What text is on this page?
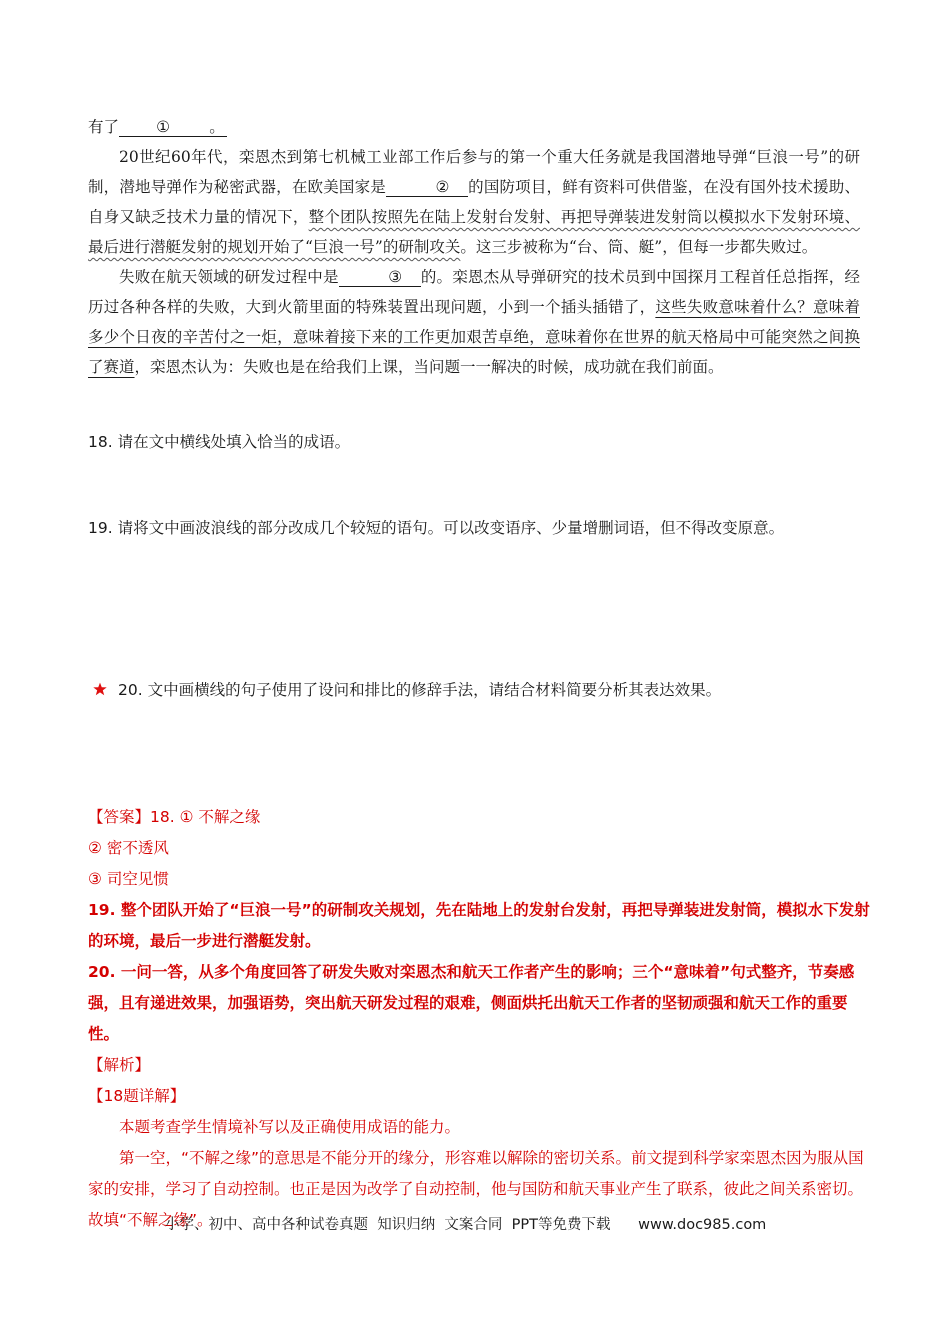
有了 ①	。

20世纪60年代，栾恩杰到第七机械工业部工作后参与的第一个重大任务就是我国潜地导弹“巨浪一号”的研制，潜地导弹作为秘密武器，在欧美国家是	② 的国防项目，鲜有资料可供借鉴，在没有国外技术援助、自身又缺乏技术力量的情况下，整个团队按照先在陆上发射台发射、再把导弹装进发射筒以模拟水下发射环境、最后进行潜艇发射的规划开始了“巨浪一号”的研制攻关。这三步被称为“台、筒、艇”，但每一步都失败过。

失败在航天领域的研发过程中是	③ 的。栾恩杰从导弹研究的技术员到中国探月工程首任总指挥，经历过各种各样的失败，大到火箭里面的特殊装置出现问题，小到一个插头插错了，这些失败意味着什么？意味着多少个日夜的辛苦付之一炬，意味着接下来的工作更加艰苦卓绝，意味着你在世界的航天格局中可能突然之间换了赛道，栾恩杰认为：失败也是在给我们上课，当问题一一解决的时候，成功就在我们前面。

18. 请在文中横线处填入恰当的成语。
19. 请将文中画波浪线的部分改成几个较短的语句。可以改变语序、少量增删词语，但不得改变原意。
20. 文中画横线的句子使用了设问和排比的修辞手法，请结合材料简要分析其表达效果。

【答案】18. ① 不解之缘

② 密不透风

③ 司空见惯

19. 整个团队开始了“巨浪一号”的研制攻关规划，先在陆地上的发射台发射，再把导弹装进发射筒，模拟水下发射的环境，最后一步进行潜艇发射。

20. 一问一答，从多个角度回答了研发失败对栾恩杰和航天工作者产生的影响；三个“意味着”句式整齐，节奏感强，且有递进效果，加强语势，突出航天研发过程的艰难，侧面烘托出航天工作者的坚韧顽强和航天工作的重要性。

【解析】

【18题详解】

本题考查学生情境补写以及正确使用成语的能力。

第一空，“不解之缘”的意思是不能分开的缘分，形容难以解除的密切关系。前文提到科学家栾恩杰因为服从国家的安排，学习了自动控制。也正是因为改学了自动控制，他与国防和航天事业产生了联系，彼此之间关系密切。故填“不解之缘”。

小学、初中、高中各种试卷真题  知识归纳  文案合同  PPT等免费下载      www.doc985.com
